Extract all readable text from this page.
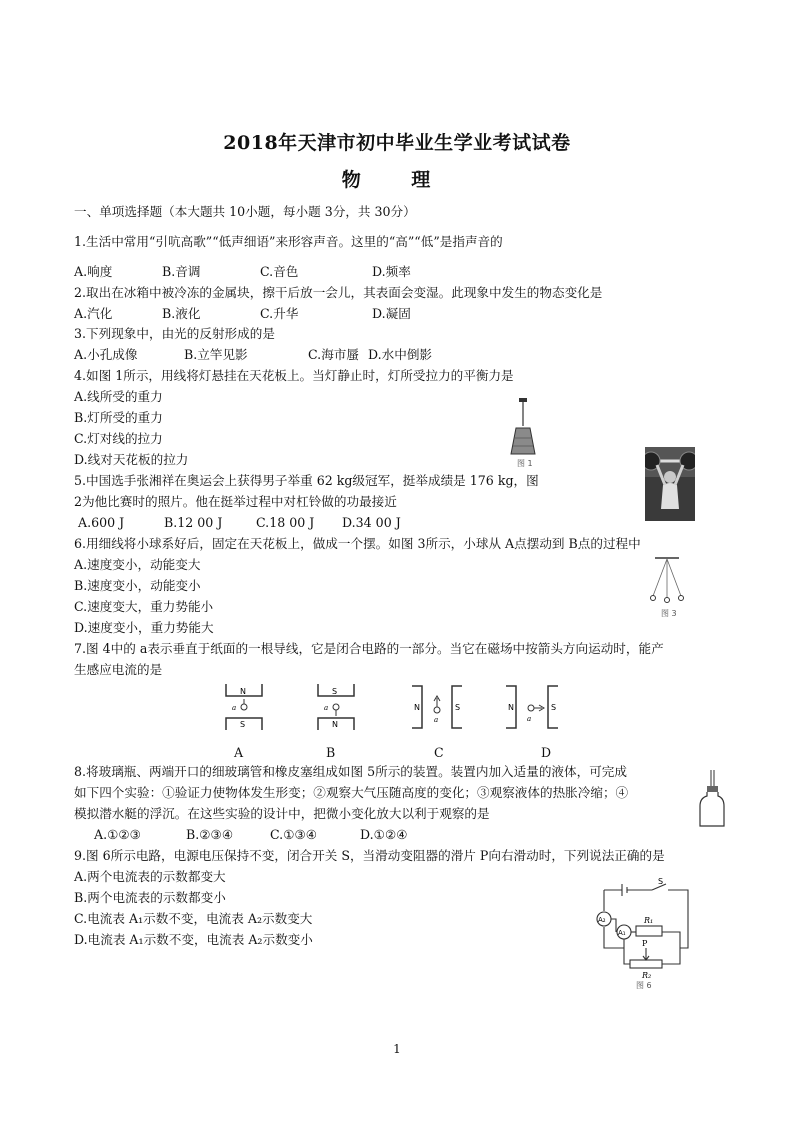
2018年天津市初中毕业生学业考试试卷
物 理
一、单项选择题（本大题共 10小题，每小题 3分，共 30分）
1.生活中常用“引吭高歌”“低声细语”来形容声音。这里的“高”“低”是指声音的
A.响度	B.音调	C.音色	D.频率
2.取出在冰箱中被冷冻的金属块，擦干后放一会儿，其表面会变湿。此现象中发生的物态变化是
A.汽化	B.液化	C.升华	D.凝固
3.下列现象中，由光的反射形成的是
A.小孔成像	B.立竿见影	C.海市蜃 D.水中倒影
4.如图 1所示，用线将灯悬挂在天花板上。当灯静止时，灯所受拉力的平衡力是
A.线所受的重力
B.灯所受的重力
C.灯对线的拉力
D.线对天花板的拉力	图 1
5.中国选手张湘祥在奥运会上获得男子举重 62 kg级冠军，挺举成绩是 176 kg，图
2为他比赛时的照片。他在挺举过程中对杠铃做的功最接近
A.600 J	B.12 00 J	C.18 00 J D.34 00 J
6.用细线将小球系好后，固定在天花板上，做成一个摆。如图 3所示，小球从 A点摆动到 B点的过程中
A.速度变小，动能变大
B.速度变小，动能变小
C.速度变大，重力势能小
D.速度变小，重力势能大
图 3
7.图 4中的 a表示垂直于纸面的一根导线，它是闭合电路的一部分。当它在磁场中按箭头方向运动时，能产
生感应电流的是
N
S
a
S
N
a	N	S
a
N	S
a
A	B	C	D
8.将玻璃瓶、两端开口的细玻璃管和橡皮塞组成如图 5所示的装置。装置内加入适量的液体，可完成
如下四个实验：①验证力使物体发生形变；②观察大气压随高度的变化；③观察液体的热胀冷缩；④
模拟潜水艇的浮沉。在这些实验的设计中，把微小变化放大以利于观察的是
A.①②③	B.②③④	C.①③④	D.①②④
9.图 6所示电路，电源电压保持不变，闭合开关 S，当滑动变阻器的滑片 P向右滑动时，下列说法正确的是
A.两个电流表的示数都变大
B.两个电流表的示数都变小
C.电流表 A₁示数不变，电流表 A₂示数变大
D.电流表 A₁示数不变，电流表 A₂示数变小
A₂
A₁
S
R₁
R₂
P
图 6
1
